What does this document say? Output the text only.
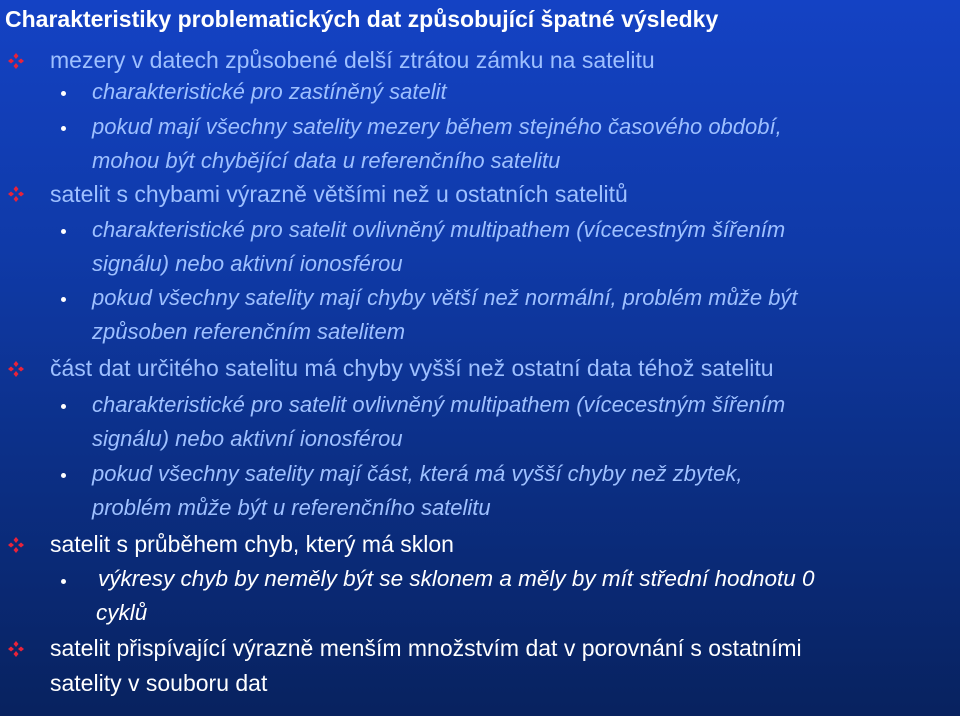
Charakteristiky problematických dat způsobující špatné výsledky
mezery v datech způsobené delší ztrátou zámku na satelitu
charakteristické pro zastíněný satelit
pokud mají všechny satelity mezery během stejného časového období,
mohou být chybějící data u referenčního satelitu
satelit s chybami výrazně většími než u ostatních satelitů
charakteristické pro satelit ovlivněný multipathem (vícecestným šířením
signálu) nebo aktivní ionosférou
pokud všechny satelity mají chyby větší než normální, problém může být
způsoben referenčním satelitem
část dat určitého satelitu má chyby vyšší než ostatní data téhož satelitu
charakteristické pro satelit ovlivněný multipathem (vícecestným šířením
signálu) nebo aktivní ionosférou
pokud všechny satelity mají část, která má vyšší chyby než zbytek,
problém může být u referenčního satelitu
satelit s průběhem chyb, který má sklon
výkresy chyb by neměly být se sklonem a měly by mít střední hodnotu 0
cyklů
satelit přispívající výrazně menším množstvím dat v porovnání s ostatními
satelity v souboru dat
